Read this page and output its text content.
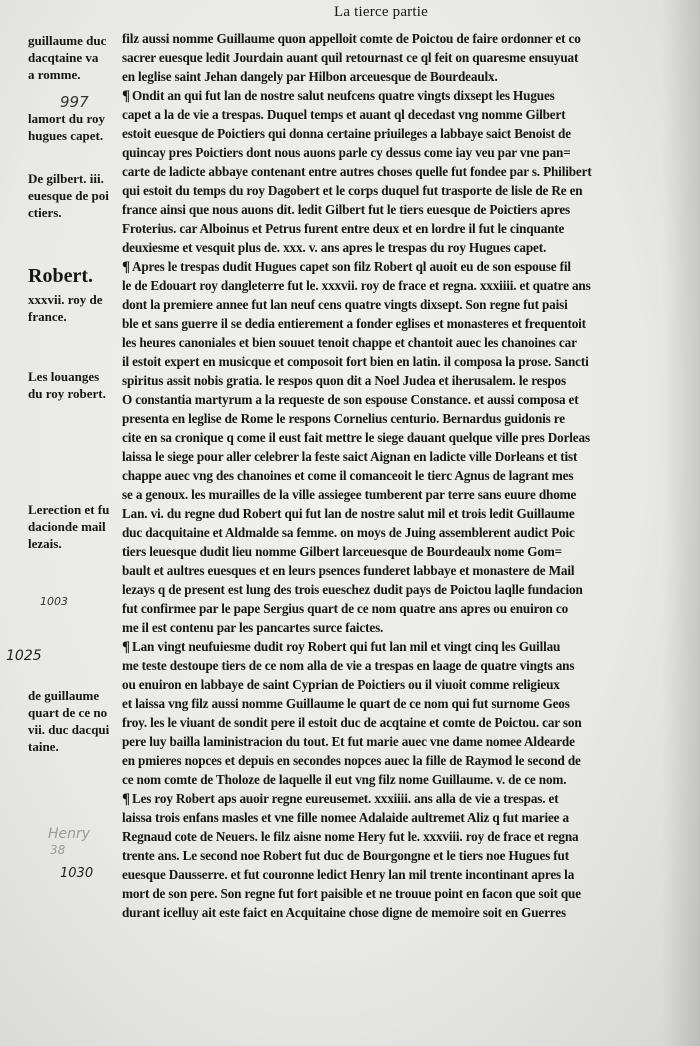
La tierce partie
filz aussi nomme Guillaume quon appelloit comte de Poictou de faire ordonner et co
sacrer euesque ledit Jourdain auant quil retournast ce ql feit on quaresme ensuyuat
en leglise saint Jehan dangely par Hilbon arceuesque de Bourdeaulx.
¶ Ondit an qui fut lan de nostre salut neufcens quatre vingts dixsept les Hugues
capet a la de vie a trespas. Duquel temps et auant ql decedast vng nomme Gilbert
estoit euesque de Poictiers qui donna certaine priuileges a labbaye saict Benoist de
quincay pres Poictiers dont nous auons parle cy dessus come iay veu par vne pan=
carte de ladicte abbaye contenant entre autres choses quelle fut fondee par s. Philibert
qui estoit du temps du roy Dagobert et le corps duquel fut trasporte de lisle de Re en
france ainsi que nous auons dit. ledit Gilbert fut le tiers euesque de Poictiers apres
Froterius. car Alboinus et Petrus furent entre deux et en lordre il fut le cinquante
deuxiesme et vesquit plus de. xxx. v. ans apres le trespas du roy Hugues capet.
¶ Apres le trespas dudit Hugues capet son filz Robert ql auoit eu de son espouse fil
le de Edouart roy dangleterre fut le. xxxvii. roy de frace et regna. xxxiiii. et quatre ans
dont la premiere annee fut lan neuf cens quatre vingts dixsept. Son regne fut paisi
ble et sans guerre il se dedia entierement a fonder eglises et monasteres et frequentoit
les heures canoniales et bien souuet tenoit chappe et chantoit auec les chanoines car
il estoit expert en musicque et composoit fort bien en latin. il composa la prose. Sancti
spiritus assit nobis gratia. le respos quon dit a Noel Judea et iherusalem. le respos
O constantia martyrum a la requeste de son espouse Constance. et aussi composa et
presenta en leglise de Rome le respons Cornelius centurio. Bernardus guidonis re
cite en sa cronique q come il eust fait mettre le siege dauant quelque ville pres Dorleas
laissa le siege pour aller celebrer la feste saict Aignan en ladicte ville Dorleans et tist
chappe auec vng des chanoines et come il comanceoit le tierc Agnus de lagrant mes
se a genoux. les murailles de la ville assiegee tumberent par terre sans euure dhome
Lan. vi. du regne dud Robert qui fut lan de nostre salut mil et trois ledit Guillaume
duc dacquitaine et Aldmalde sa femme. on moys de Juing assemblerent audict Poic
tiers leuesque dudit lieu nomme Gilbert larceuesque de Bourdeaulx nome Gom=
bault et aultres euesques et en leurs psences funderet labbaye et monastere de Mail
lezays q de present est lung des trois eueschez dudit pays de Poictou laqlle fundacion
fut confirmee par le pape Sergius quart de ce nom quatre ans apres ou enuiron co
me il est contenu par les pancartes surce faictes.
¶ Lan vingt neufuiesme dudit roy Robert qui fut lan mil et vingt cinq les Guillau
me teste destoupe tiers de ce nom alla de vie a trespas en laage de quatre vingts ans
ou enuiron en labbaye de saint Cyprian de Poictiers ou il viuoit comme religieux
et laissa vng filz aussi nomme Guillaume le quart de ce nom qui fut surnome Geos
froy. les le viuant de sondit pere il estoit duc de acqtaine et comte de Poictou. car son
pere luy bailla laministracion du tout. Et fut marie auec vne dame nomee Aldearde
en pmieres nopces et depuis en secondes nopces auec la fille de Raymod le second de
ce nom comte de Tholoze de laquelle il eut vng filz nome Guillaume. v. de ce nom.
¶ Les roy Robert aps auoir regne eureusemet. xxxiiii. ans alla de vie a trespas. et
laissa trois enfans masles et vne fille nomee Adalaide aultremet Aliz q fut mariee a
Regnaud cote de Neuers. le filz aisne nome Hery fut le. xxxviii. roy de frace et regna
trente ans. Le second noe Robert fut duc de Bourgongne et le tiers noe Hugues fut
euesque Dausserre. et fut couronne ledict Henry lan mil trente incontinant apres la
mort de son pere. Son regne fut fort paisible et ne trouue point en facon que soit que
durant icelluy ait este faict en Acquitaine chose digne de memoire soit en Guerres
guillaume duc
dacqtaine va
a romme.
lamort du roy
hugues capet.
De gilbert. iii.
euesque de poi
ctiers.
Robert.
xxxvii. roy de
france.
Les louanges
du roy robert.
Lerection et fu
dacionde mail
lezais.
de guillaume
quart de ce no
vii. duc dacqui
taine.
997
1003
1025
Henry
38
1030
